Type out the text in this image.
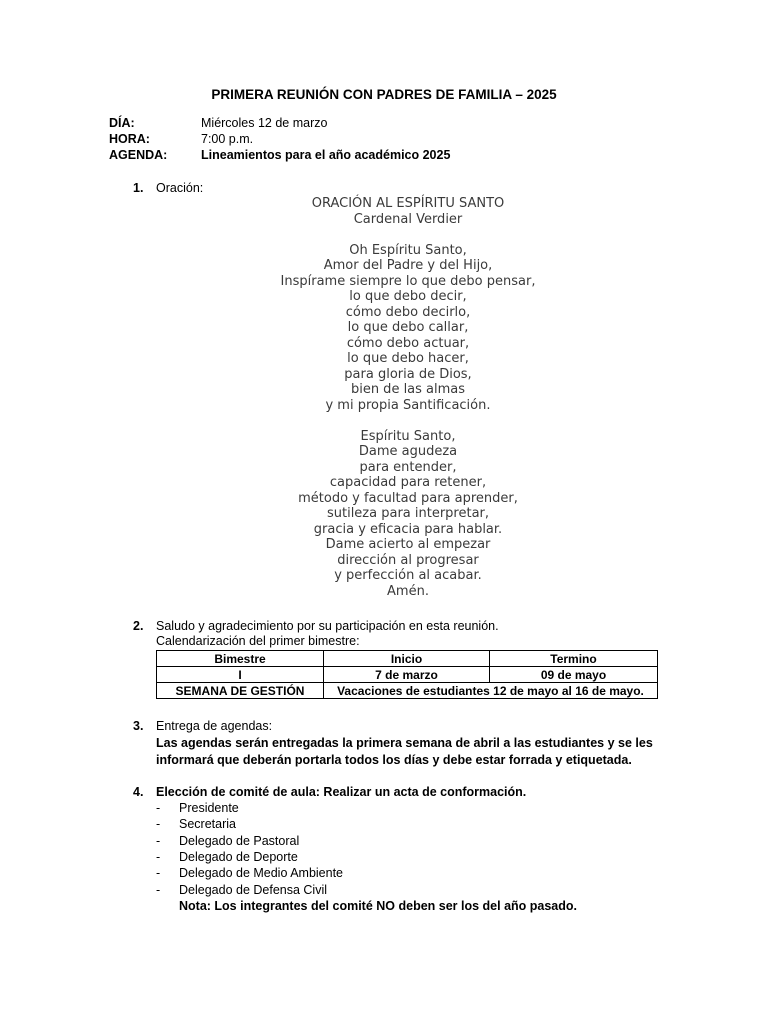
PRIMERA REUNIÓN CON PADRES DE FAMILIA – 2025
DÍA:	Miércoles 12 de marzo
HORA:	7:00 p.m.
AGENDA:	Lineamientos para el año académico 2025
1. Oración:
ORACIÓN AL ESPÍRITU SANTO
Cardenal Verdier
Oh Espíritu Santo,
Amor del Padre y del Hijo,
Inspírame siempre lo que debo pensar,
lo que debo decir,
cómo debo decirlo,
lo que debo callar,
cómo debo actuar,
lo que debo hacer,
para gloria de Dios,
bien de las almas
y mi propia Santificación.
Espíritu Santo,
Dame agudeza
para entender,
capacidad para retener,
método y facultad para aprender,
sutileza para interpretar,
gracia y eficacia para hablar.
Dame acierto al empezar
dirección al progresar
y perfección al acabar.
Amén.
2. Saludo y agradecimiento por su participación en esta reunión.
Calendarización del primer bimestre:
Bimestre	Inicio	Termino
I	7 de marzo	09 de mayo
SEMANA DE GESTIÓN	Vacaciones de estudiantes 12 de mayo al 16 de mayo.	
3. Entrega de agendas:
Las agendas serán entregadas la primera semana de abril a las estudiantes y se les
informará que deberán portarla todos los días y debe estar forrada y etiquetada.
4. Elección de comité de aula: Realizar un acta de conformación.
- Presidente
- Secretaria
- Delegado de Pastoral
- Delegado de Deporte
- Delegado de Medio Ambiente
- Delegado de Defensa Civil
Nota: Los integrantes del comité NO deben ser los del año pasado.
